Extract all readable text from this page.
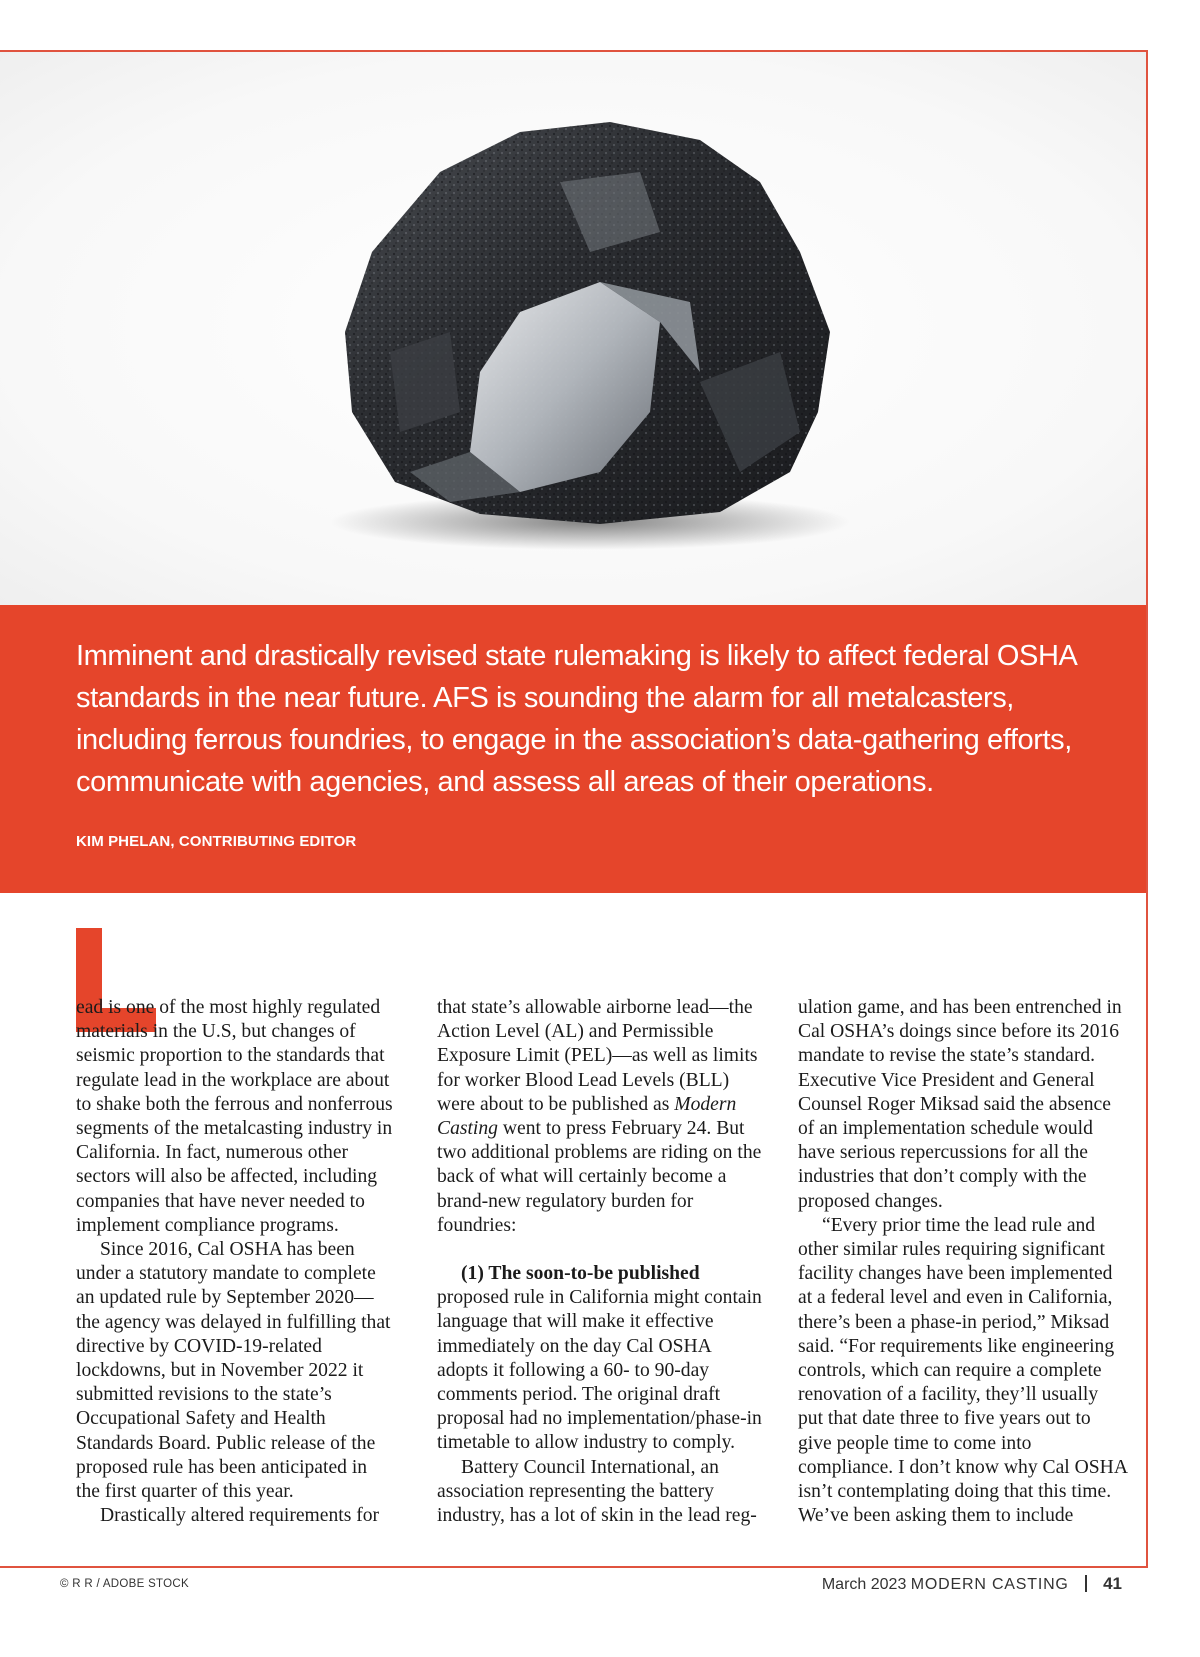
Imminent and drastically revised state rulemaking is likely to affect federal OSHA standards in the near future. AFS is sounding the alarm for all metalcasters, including ferrous foundries, to engage in the association’s data-gathering efforts, communicate with agencies, and assess all areas of their operations.

KIM PHELAN, CONTRIBUTING EDITOR

ead is one of the most highly regulated materials in the U.S, but changes of seismic proportion to the standards that regulate lead in the workplace are about to shake both the ferrous and nonferrous segments of the metalcasting industry in California. In fact, numerous other sectors will also be affected, including companies that have never needed to implement compliance programs.

Since 2016, Cal OSHA has been under a statutory mandate to complete an updated rule by September 2020—the agency was delayed in fulfilling that directive by COVID-19-related lockdowns, but in November 2022 it submitted revisions to the state’s Occupational Safety and Health Standards Board. Public release of the proposed rule has been anticipated in the first quarter of this year.

Drastically altered requirements for

that state’s allowable airborne lead—the Action Level (AL) and Permissible Exposure Limit (PEL)—as well as limits for worker Blood Lead Levels (BLL) were about to be published as Modern Casting went to press February 24. But two additional problems are riding on the back of what will certainly become a brand-new regulatory burden for foundries:

(1) The soon-to-be published proposed rule in California might contain language that will make it effective immediately on the day Cal OSHA adopts it following a 60- to 90-day comments period. The original draft proposal had no implementation/phase-in timetable to allow industry to comply.

Battery Council International, an association representing the battery industry, has a lot of skin in the lead reg-

ulation game, and has been entrenched in Cal OSHA’s doings since before its 2016 mandate to revise the state’s standard. Executive Vice President and General Counsel Roger Miksad said the absence of an implementation schedule would have serious repercussions for all the industries that don’t comply with the proposed changes.

“Every prior time the lead rule and other similar rules requiring significant facility changes have been implemented at a federal level and even in California, there’s been a phase-in period,” Miksad said. “For requirements like engineering controls, which can require a complete renovation of a facility, they’ll usually put that date three to five years out to give people time to come into compliance. I don’t know why Cal OSHA isn’t contemplating doing that this time. We’ve been asking them to include

© R R / ADOBE STOCK	March 2023 MODERN CASTING 41
